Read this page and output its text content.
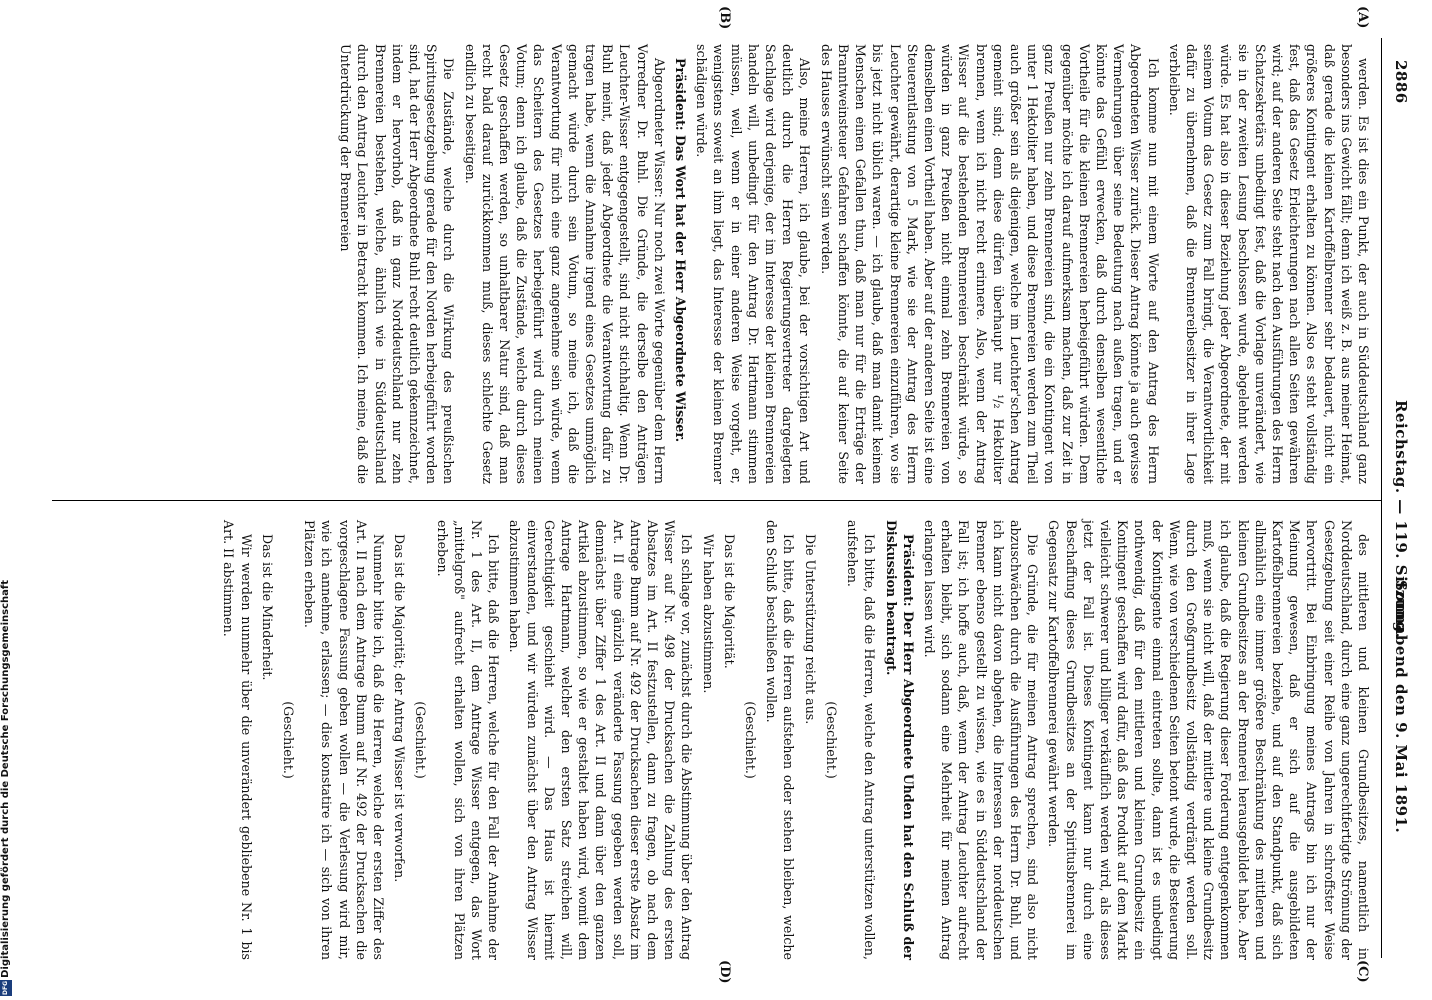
2886
Reichstag. — 119. Sitzung.
Sonnabend den 9. Mai 1891.
(A)
(B)
(C)
(D)

werden. Es ist dies ein Punkt, der auch in Süddeutschland ganz besonders ins Gewicht fällt; denn ich weiß z. B. aus meiner Heimat, daß gerade die kleinen Kartoffelbrenner sehr bedauert, nicht ein größeres Kontingent erhalten zu können. Also es steht vollständig fest, daß das Gesetz Erleichterungen nach allen Seiten gewähren wird; auf der anderen Seite steht nach den Ausführungen des Herrn Schatzsekretärs unbedingt fest, daß die Vorlage unverändert, wie sie in der zweiten Lesung beschlossen wurde, abgelehnt werden würde. Es hat also in dieser Beziehung jeder Abgeordnete, der mit seinem Votum das Gesetz zum Fall bringt, die Verantwortlichkeit dafür zu übernehmen, daß die Brennereibesitzer in ihrer Lage verbleiben.

Ich komme nun mit einem Worte auf den Antrag des Herrn Abgeordneten Wisser zurück. Dieser Antrag könnte ja auch gewisse Vermehrungen über seine Bedeutung nach außen tragen, und er könnte das Gefühl erwecken, daß durch denselben wesentliche Vortheile für die kleinen Brennereien herbeigeführt würden. Dem gegenüber möchte ich darauf aufmerksam machen, daß zur Zeit in ganz Preußen nur zehn Brennereien sind, die ein Kontingent von unter 1 Hektoliter haben, und diese Brennereien werden zum Theil auch größer sein als diejenigen, welche im Leuchter'schen Antrag gemeint sind; denn diese dürfen überhaupt nur ¹/₂ Hektoliter brennen, wenn ich nicht recht erinnere. Also, wenn der Antrag Wisser auf die bestehenden Brennereien beschränkt würde, so würden in ganz Preußen nicht einmal zehn Brennereien von demselben einen Vortheil haben. Aber auf der anderen Seite ist eine Steuerentlastung von 5 Mark, wie sie der Antrag des Herrn Leuchter gewährt, derartige kleine Brennereien einzuführen, wo sie bis jetzt nicht üblich waren. — ich glaube, daß man damit keinem Menschen einen Gefallen thun, daß man nur für die Erträge der Branntweinsteuer Gefahren schaffen könnte, die auf keiner Seite des Hauses erwünscht sein werden.

Also, meine Herren, ich glaube, bei der vorsichtigen Art und deutlich durch die Herren Regierungsvertreter dargelegten Sachlage wird derjenige, der im Interesse der kleinen Brennereien handeln will, unbedingt für den Antrag Dr. Hartmann stimmen müssen, weil, wenn er in einer anderen Weise vorgeht, er, wenigstens soweit an ihm liegt, das Interesse der kleinen Brenner schädigen würde.

Präsident: Das Wort hat der Herr Abgeordnete Wisser.

Abgeordneter Wisser: Nur noch zwei Worte gegenüber dem Herrn Vorredner Dr. Buhl. Die Gründe, die derselbe den Anträgen Leuchter-Wisser entgegengestellt, sind nicht stichhaltig. Wenn Dr. Buhl meint, daß jeder Abgeordnete die Verantwortung dafür zu tragen habe, wenn die Annahme irgend eines Gesetzes unmöglich gemacht würde durch sein Votum, so meine ich, daß die Verantwortung für mich eine ganz angenehme sein würde, wenn das Scheitern des Gesetzes herbeigeführt wird durch meinen Votum; denn ich glaube, daß die Zustände, welche durch dieses Gesetz geschaffen werden, so unhaltbarer Natur sind, daß man recht bald darauf zurückkommen muß, dieses schlechte Gesetz endlich zu beseitigen.

Die Zustände, welche durch die Wirkung des preußischen Spiritusgesetzgebung gerade für den Norden herbeigeführt worden sind, hat der Herr Abgeordnete Buhl recht deutlich gekennzeichnet, indem er hervorhob, daß in ganz Norddeutschland nur zehn Brennereien bestehen, welche, ähnlich wie in Süddeutschland durch den Antrag Leuchter in Betracht kommen. Ich meine, daß die Unterdrückung der Brennereien

des mittleren und kleinen Grundbesitzes, namentlich in Norddeutschland, durch eine ganz ungerechtfertigte Strömung der Gesetzgebung seit einer Reihe von Jahren in schroffster Weise hervortritt. Bei Einbringung meines Antrags bin ich nur der Meinung gewesen, daß er sich auf die ausgebildeten Kartoffelbrennereien beziehe, und auf den Standpunkt, daß sich allmählich eine immer größere Beschränkung des mittleren und kleinen Grundbesitzes an der Brennerei herausgebildet habe. Aber ich glaube, daß die Regierung dieser Forderung entgegenkommen muß, wenn sie nicht will, daß der mittlere und kleine Grundbesitz durch den Großgrundbesitz vollständig verdrängt werden soll. Wenn, wie von verschiedenen Seiten betont wurde, die Besteuerung der Kontingente einmal eintreten sollte, dann ist es unbedingt nothwendig, daß für den mittleren und kleinen Grundbesitz ein Kontingent geschaffen wird dafür, daß das Produkt auf dem Markt vielleicht schwerer und billiger verkäuflich werden wird, als dieses jetzt der Fall ist. Dieses Kontingent kann nur durch eine Beschaffung dieses Grundbesitzes an der Spiritusbrennerei im Gegensatz zur Kartoffelbrennerei gewährt werden.

Die Gründe, die für meinen Antrag sprechen, sind also nicht abzuschwächen durch die Ausführungen des Herrn Dr. Buhl, und ich kann nicht davon abgehen, die Interessen der norddeutschen Brenner ebenso gestellt zu wissen, wie es in Süddeutschland der Fall ist; ich hoffe auch, daß, wenn der Antrag Leuchter aufrecht erhalten bleibt, sich sodann eine Mehrheit für meinen Antrag erlangen lassen wird.

Präsident: Der Herr Abgeordnete Uhden hat den Schluß der Diskussion beantragt.

Ich bitte, daß die Herren, welche den Antrag unterstützen wollen, aufstehen.

(Geschieht.)

Die Unterstützung reicht aus.

Ich bitte, daß die Herren aufstehen oder stehen bleiben, welche den Schluß beschließen wollen.

(Geschieht.)

Das ist die Majorität.

Wir haben abzustimmen.

Ich schlage vor, zunächst durch die Abstimmung über den Antrag Wisser auf Nr. 498 der Drucksachen die Zahlung des ersten Absatzes im Art. II festzustellen, dann zu fragen, ob nach dem Antrage Bumm auf Nr. 492 der Drucksachen dieser erste Absatz im Art. II eine gänzlich veränderte Fassung gegeben werden soll, demnächst über Ziffer 1 des Art. II und dann über den ganzen Artikel abzustimmen, so wie er gestaltet haben wird, womit dem Antrage Hartmann, welcher den ersten Satz streichen will, Gerechtigkeit geschieht wird. — Das Haus ist hiermit einverstanden, und wir würden zunächst über den Antrag Wisser abzustimmen haben.

Ich bitte, daß die Herren, welche für den Fall der Annahme der Nr. 1 des Art. II, dem Antrage Wisser entgegen, das Wort „mittelgroß" aufrecht erhalten wollen, sich von ihren Plätzen erheben.

(Geschieht.)

Das ist die Majorität; der Antrag Wisser ist verworfen.

Nunmehr bitte ich, daß die Herren, welche der ersten Ziffer des Art. II nach dem Antrage Bumm auf Nr. 492 der Drucksachen die vorgeschlagene Fassung geben wollen — die Verlesung wird mir, wie ich annehme, erlassen; — dies konstatire ich — sich von ihren Plätzen erheben.

(Geschieht.)

Das ist die Minderheit.

Wir werden nunmehr über die unverändert gebliebene Nr. 1 bis Art. II abstimmen.

Digitalisierung gefördert durch die Deutsche Forschungsgemeinschaft
DFG
